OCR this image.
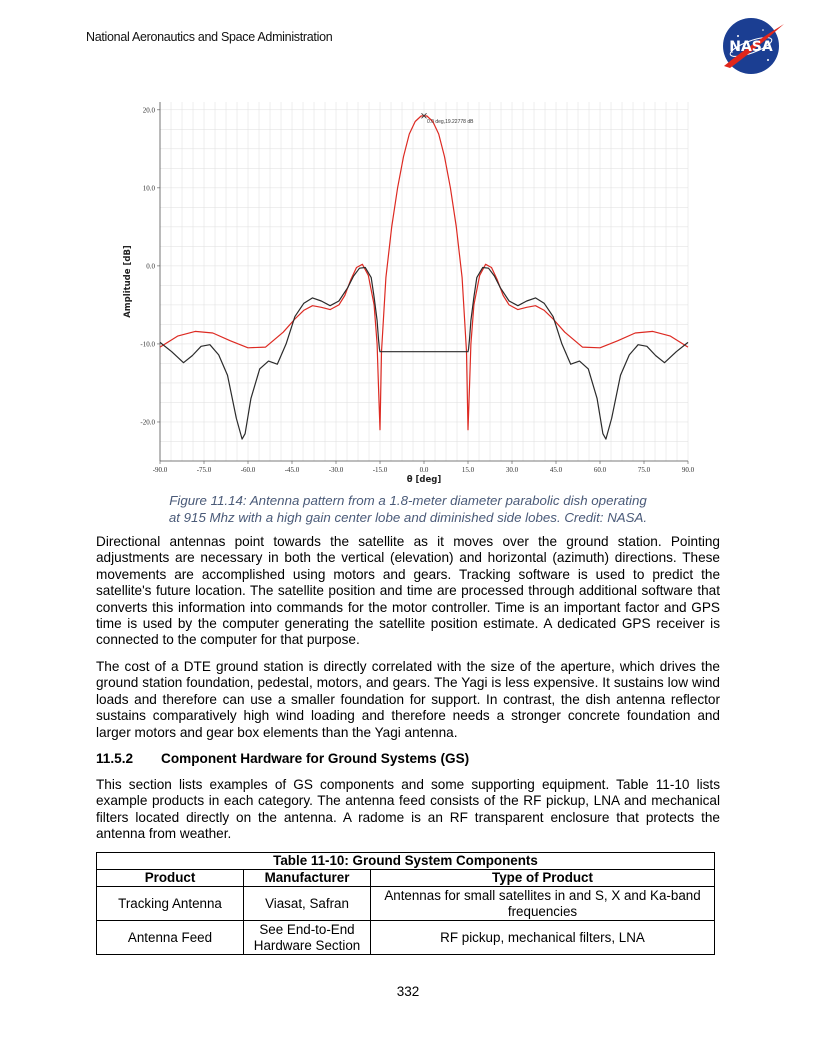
National Aeronautics and Space Administration
NASA
-90.0	-75.0	-60.0	-45.0	-30.0	-15.0	0.0	15.0	30.0	45.0	60.0	75.0	90.0
20.0
10.0
0.0
-10.0
-20.0
θ [deg]
Amplitude [dB]
0.0 deg,19.22778 dB
Figure 11.14: Antenna pattern from a 1.8-meter diameter parabolic dish operating
at 915 Mhz with a high gain center lobe and diminished side lobes. Credit: NASA.

Directional antennas point towards the satellite as it moves over the ground station. Pointing adjustments are necessary in both the vertical (elevation) and horizontal (azimuth) directions. These movements are accomplished using motors and gears. Tracking software is used to predict the satellite's future location. The satellite position and time are processed through additional software that converts this information into commands for the motor controller. Time is an important factor and GPS time is used by the computer generating the satellite position estimate. A dedicated GPS receiver is connected to the computer for that purpose.

The cost of a DTE ground station is directly correlated with the size of the aperture, which drives the ground station foundation, pedestal, motors, and gears. The Yagi is less expensive. It sustains low wind loads and therefore can use a smaller foundation for support. In contrast, the dish antenna reflector sustains comparatively high wind loading and therefore needs a stronger concrete foundation and larger motors and gear box elements than the Yagi antenna.

11.5.2 Component Hardware for Ground Systems (GS)

This section lists examples of GS components and some supporting equipment. Table 11-10 lists example products in each category. The antenna feed consists of the RF pickup, LNA and mechanical filters located directly on the antenna. A radome is an RF transparent enclosure that protects the antenna from weather.

Table 11-10: Ground System Components		
Product	Manufacturer	Type of Product
Tracking Antenna	Viasat, Safran	Antennas for small satellites in and S, X and Ka-band frequencies
Antenna Feed	See End-to-End Hardware Section	RF pickup, mechanical filters, LNA
332
